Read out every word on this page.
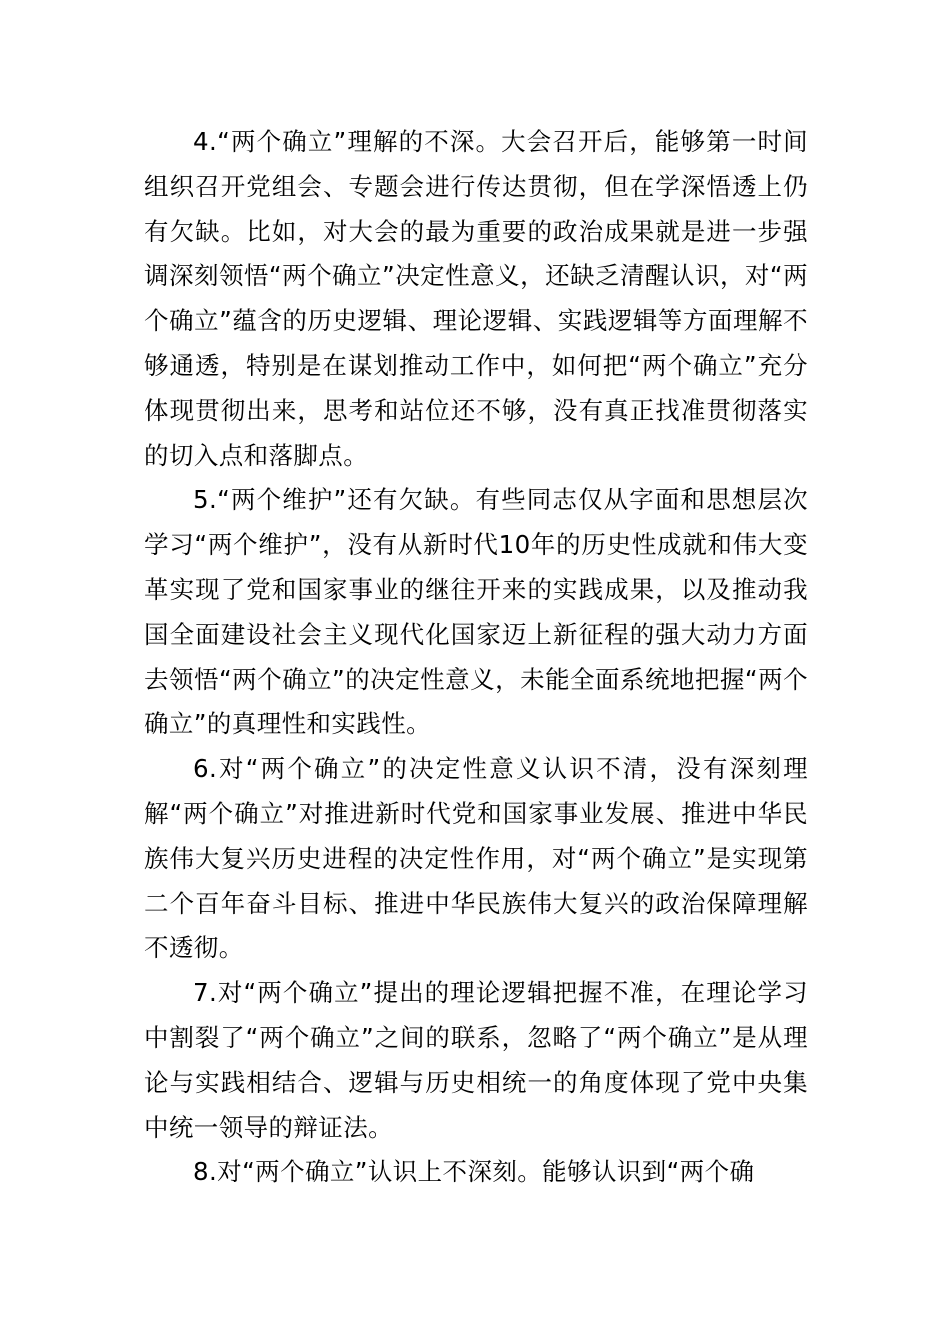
4.“两个确立”理解的不深。大会召开后，能够第一时间组织召开党组会、专题会进行传达贯彻，但在学深悟透上仍有欠缺。比如，对大会的最为重要的政治成果就是进一步强调深刻领悟“两个确立”决定性意义，还缺乏清醒认识，对“两个确立”蕴含的历史逻辑、理论逻辑、实践逻辑等方面理解不够通透，特别是在谋划推动工作中，如何把“两个确立”充分体现贯彻出来，思考和站位还不够，没有真正找准贯彻落实的切入点和落脚点。

5.“两个维护”还有欠缺。有些同志仅从字面和思想层次学习“两个维护”，没有从新时代10年的历史性成就和伟大变革实现了党和国家事业的继往开来的实践成果，以及推动我国全面建设社会主义现代化国家迈上新征程的强大动力方面去领悟“两个确立”的决定性意义，未能全面系统地把握“两个确立”的真理性和实践性。

6.对“两个确立”的决定性意义认识不清，没有深刻理解“两个确立”对推进新时代党和国家事业发展、推进中华民族伟大复兴历史进程的决定性作用，对“两个确立”是实现第二个百年奋斗目标、推进中华民族伟大复兴的政治保障理解不透彻。

7.对“两个确立”提出的理论逻辑把握不准，在理论学习中割裂了“两个确立”之间的联系，忽略了“两个确立”是从理论与实践相结合、逻辑与历史相统一的角度体现了党中央集中统一领导的辩证法。

8.对“两个确立”认识上不深刻。能够认识到“两个确
